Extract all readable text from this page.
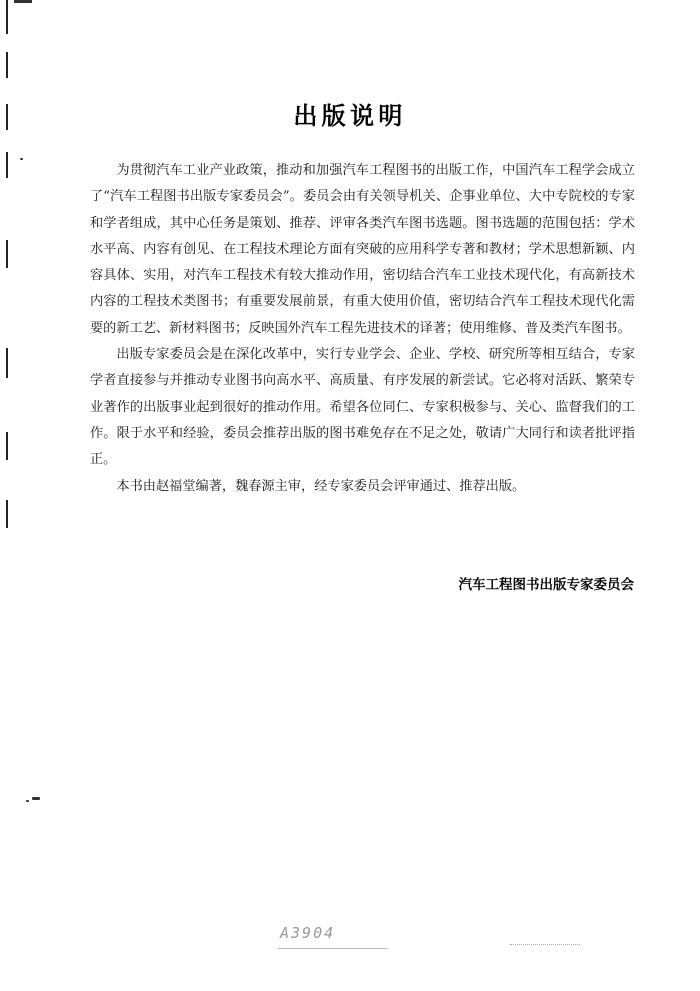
出版说明

为贯彻汽车工业产业政策，推动和加强汽车工程图书的出版工作，中国汽车工程学会成立了“汽车工程图书出版专家委员会”。委员会由有关领导机关、企事业单位、大中专院校的专家和学者组成，其中心任务是策划、推荐、评审各类汽车图书选题。图书选题的范围包括：学术水平高、内容有创见、在工程技术理论方面有突破的应用科学专著和教材；学术思想新颖、内容具体、实用，对汽车工程技术有较大推动作用，密切结合汽车工业技术现代化，有高新技术内容的工程技术类图书；有重要发展前景，有重大使用价值，密切结合汽车工程技术现代化需要的新工艺、新材料图书；反映国外汽车工程先进技术的译著；使用维修、普及类汽车图书。

出版专家委员会是在深化改革中，实行专业学会、企业、学校、研究所等相互结合，专家学者直接参与并推动专业图书向高水平、高质量、有序发展的新尝试。它必将对活跃、繁荣专业著作的出版事业起到很好的推动作用。希望各位同仁、专家积极参与、关心、监督我们的工作。限于水平和经验，委员会推荐出版的图书难免存在不足之处，敬请广大同行和读者批评指正。

本书由赵福堂编著，魏春源主审，经专家委员会评审通过、推荐出版。

汽车工程图书出版专家委员会
A3904
